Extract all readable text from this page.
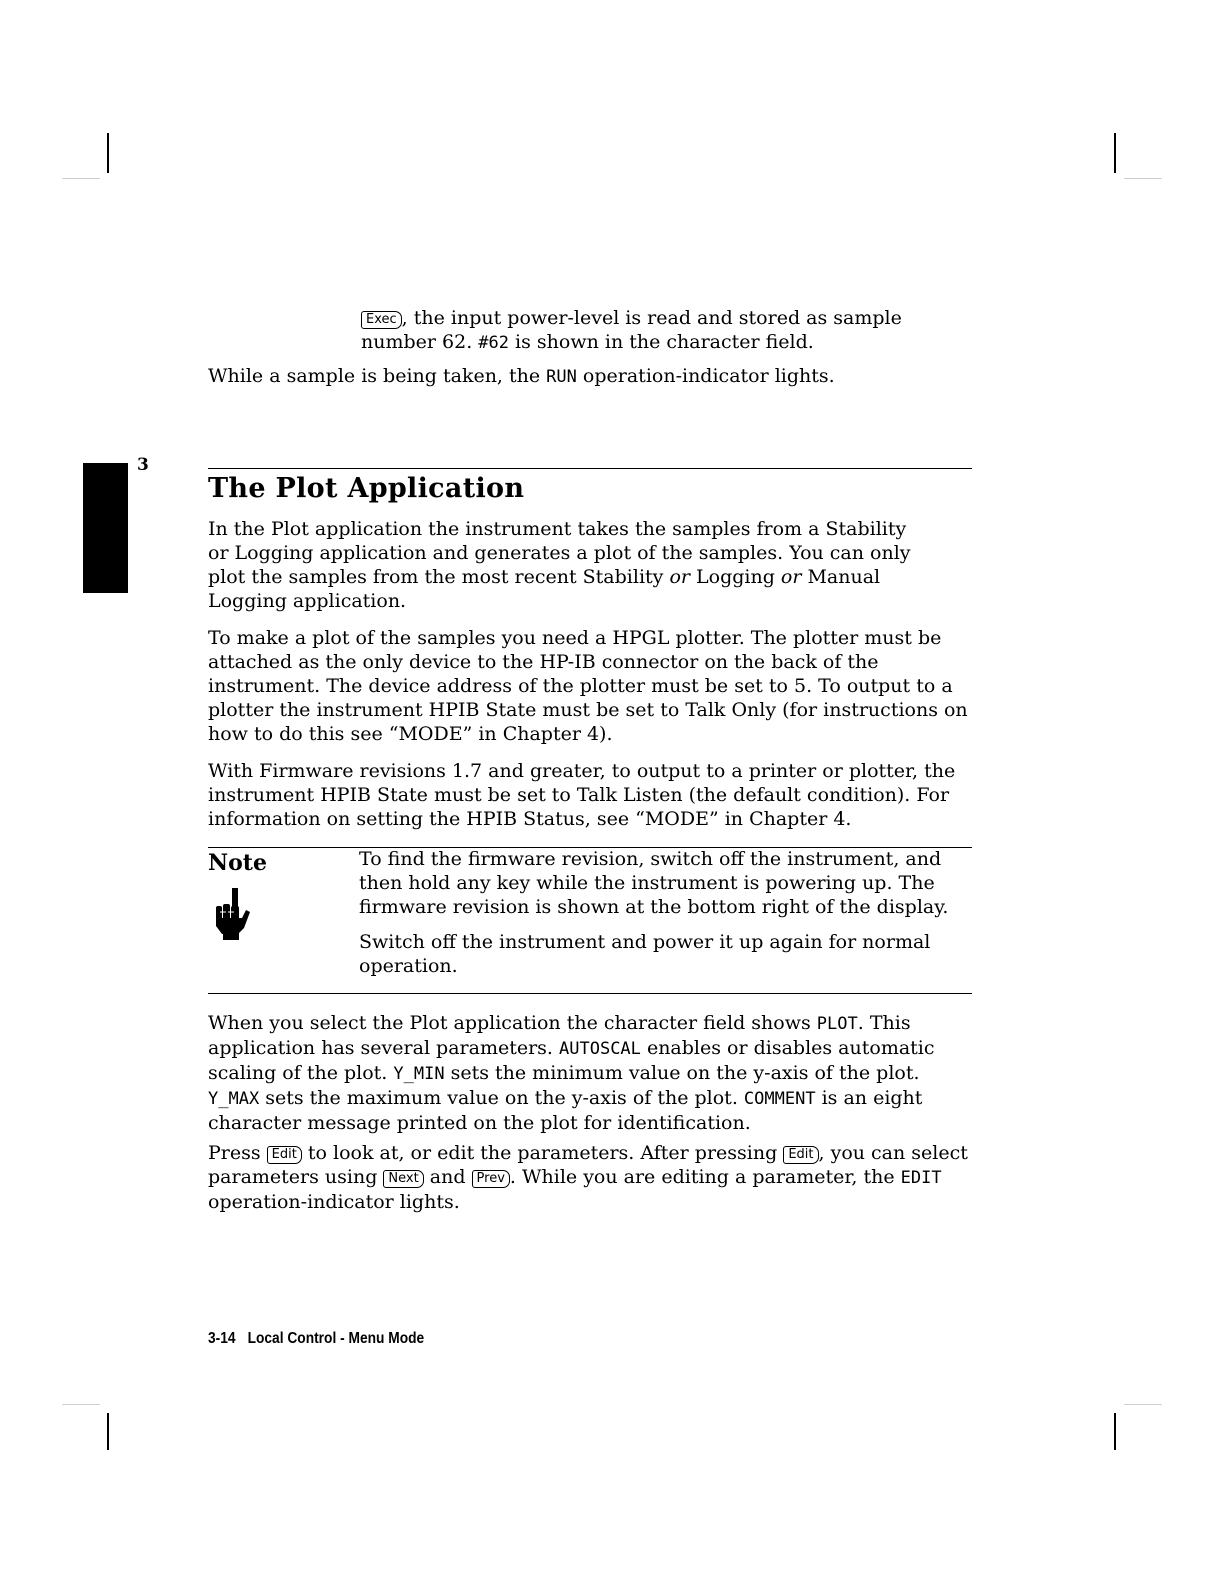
3

Exec , the input power-level is read and stored as sample
number 62. #62 is shown in the character field.

While a sample is being taken, the RUN operation-indicator lights.

The Plot Application

In the Plot application the instrument takes the samples from a Stability or Logging application and generates a plot of the samples. You can only plot the samples from the most recent Stability or Logging or Manual Logging application.

To make a plot of the samples you need a HPGL plotter. The plotter must be attached as the only device to the HP-IB connector on the back of the instrument. The device address of the plotter must be set to 5. To output to a plotter the instrument HPIB State must be set to Talk Only (for instructions on how to do this see “MODE” in Chapter 4).

With Firmware revisions 1.7 and greater, to output to a printer or plotter, the instrument HPIB State must be set to Talk Listen (the default condition). For information on setting the HPIB Status, see “MODE” in Chapter 4.

Note	To find the firmware revision, switch off the instrument, and then hold any key while the instrument is powering up. The firmware revision is shown at the bottom right of the display.

Switch off the instrument and power it up again for normal operation.

When you select the Plot application the character field shows PLOT. This application has several parameters. AUTOSCAL enables or disables automatic scaling of the plot. Y_MIN sets the minimum value on the y-axis of the plot. Y_MAX sets the maximum value on the y-axis of the plot. COMMENT is an eight character message printed on the plot for identification.

Press Edit to look at, or edit the parameters. After pressing Edit , you can select parameters using Next and Prev . While you are editing a parameter, the EDIT operation-indicator lights.

3-14 Local Control - Menu Mode
